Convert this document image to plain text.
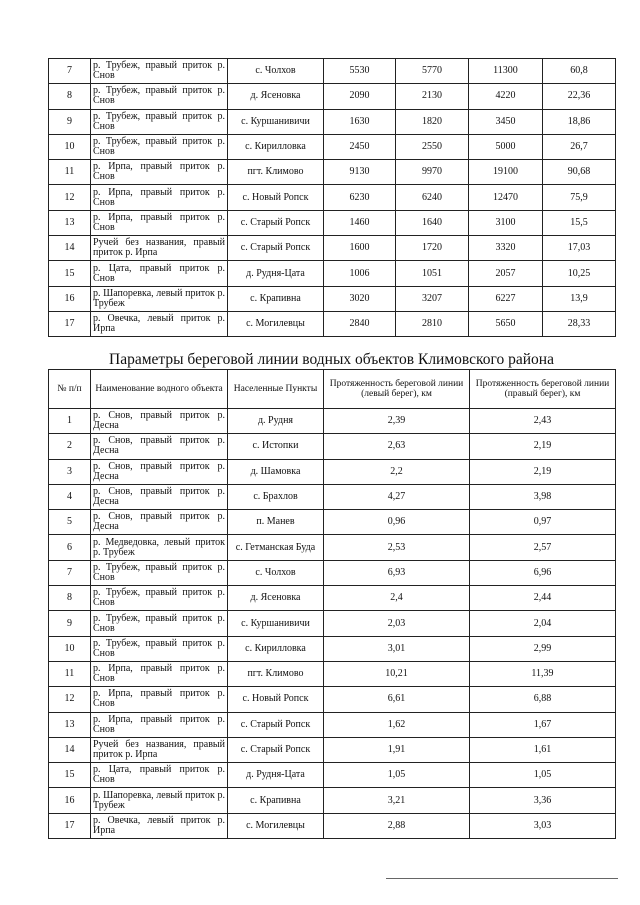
7	р. Трубеж, правый приток р. Снов	с. Чолхов	5530	5770	11300	60,8
8	р. Трубеж, правый приток р. Снов	д. Ясеновка	2090	2130	4220	22,36
9	р. Трубеж, правый приток р. Снов	с. Куршанивичи	1630	1820	3450	18,86
10	р. Трубеж, правый приток р. Снов	с. Кирилловка	2450	2550	5000	26,7
11	р. Ирпа, правый приток р. Снов	пгт. Климово	9130	9970	19100	90,68
12	р. Ирпа, правый приток р. Снов	с. Новый Ропск	6230	6240	12470	75,9
13	р. Ирпа, правый приток р. Снов	с. Старый Ропск	1460	1640	3100	15,5
14	Ручей без названия, правый приток р. Ирпа	с. Старый Ропск	1600	1720	3320	17,03
15	р. Цата, правый приток р. Снов	д. Рудня-Цата	1006	1051	2057	10,25
16	р. Шапоревка, левый приток р. Трубеж	с. Крапивна	3020	3207	6227	13,9
17	р. Овечка, левый приток р. Ирпа	с. Могилевцы	2840	2810	5650	28,33
Параметры береговой линии водных объектов Климовского района
№ п/п	Наименование водного объекта	Населенные Пункты	Протяженность береговой линии (левый берег), км	Протяженность береговой линии (правый берег), км
1	р. Снов, правый приток р. Десна	д. Рудня	2,39	2,43
2	р. Снов, правый приток р. Десна	с. Истопки	2,63	2,19
3	р. Снов, правый приток р. Десна	д. Шамовка	2,2	2,19
4	р. Снов, правый приток р. Десна	с. Брахлов	4,27	3,98
5	р. Снов, правый приток р. Десна	п. Манев	0,96	0,97
6	р. Медведовка, левый приток р. Трубеж	с. Гетманская Буда	2,53	2,57
7	р. Трубеж, правый приток р. Снов	с. Чолхов	6,93	6,96
8	р. Трубеж, правый приток р. Снов	д. Ясеновка	2,4	2,44
9	р. Трубеж, правый приток р. Снов	с. Куршанивичи	2,03	2,04
10	р. Трубеж, правый приток р. Снов	с. Кирилловка	3,01	2,99
11	р. Ирпа, правый приток р. Снов	пгт. Климово	10,21	11,39
12	р. Ирпа, правый приток р. Снов	с. Новый Ропск	6,61	6,88
13	р. Ирпа, правый приток р. Снов	с. Старый Ропск	1,62	1,67
14	Ручей без названия, правый приток р. Ирпа	с. Старый Ропск	1,91	1,61
15	р. Цата, правый приток р. Снов	д. Рудня-Цата	1,05	1,05
16	р. Шапоревка, левый приток р. Трубеж	с. Крапивна	3,21	3,36
17	р. Овечка, левый приток р. Ирпа	с. Могилевцы	2,88	3,03
